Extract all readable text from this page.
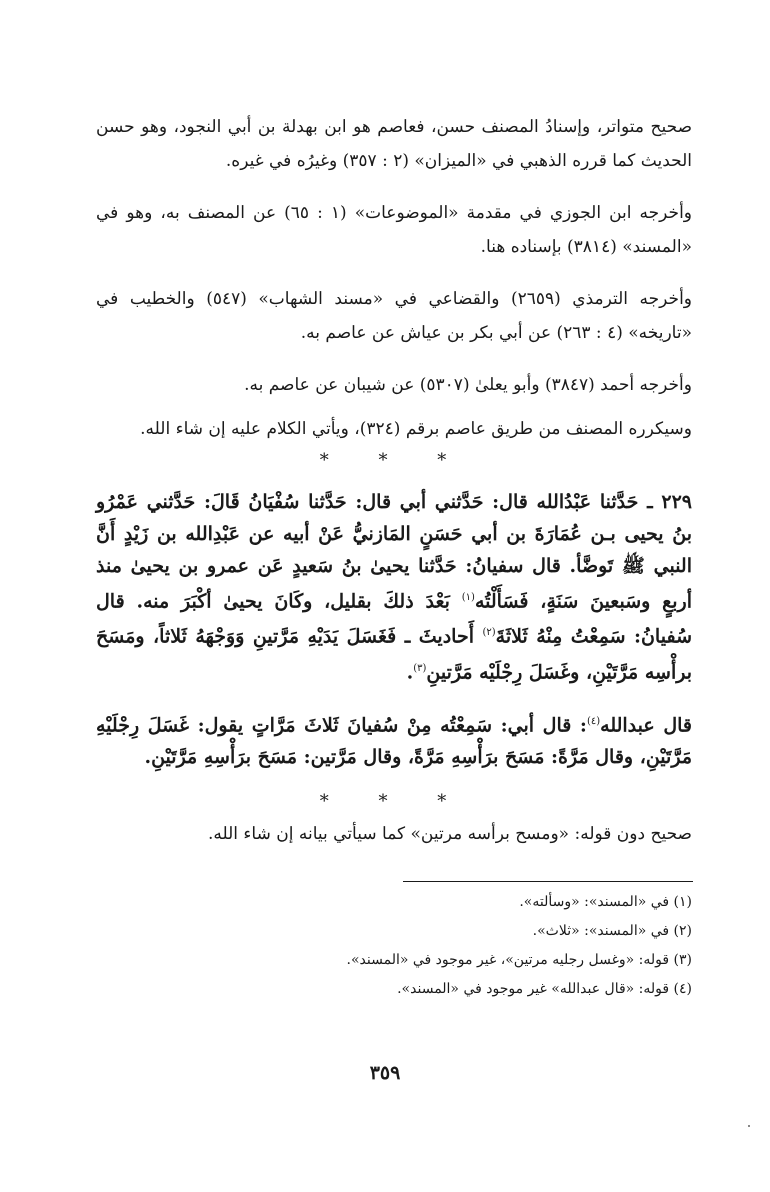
صحيح متواتر، وإسنادُ المصنف حسن، فعاصم هو ابن بهدلة بن أبي النجود، وهو حسن الحديث كما قرره الذهبي في «الميزان» (٢ : ٣٥٧) وغيرُه في غيره.

وأخرجه ابن الجوزي في مقدمة «الموضوعات» (١ : ٦٥) عن المصنف به، وهو في «المسند» (٣٨١٤) بإسناده هنا.

وأخرجه الترمذي (٢٦٥٩) والقضاعي في «مسند الشهاب» (٥٤٧) والخطيب في «تاريخه» (٤ : ٢٦٣) عن أبي بكر بن عياش عن عاصم به.

وأخرجه أحمد (٣٨٤٧) وأبو يعلىٰ (٥٣٠٧) عن شيبان عن عاصم به.

وسيكرره المصنف من طريق عاصم برقم (٣٢٤)، ويأتي الكلام عليه إن شاء الله.

* * *

٢٢٩ ـ حَدَّثنا عَبْدُالله قال: حَدَّثني أبي قال: حَدَّثنا سُفْيَانُ قَالَ: حَدَّثني عَمْرُو بنُ يحيى بـن عُمَارَةَ بن أبي حَسَنٍ المَازنيُّ عَنْ أبيه عن عَبْدِالله بن زَيْدٍ أَنَّ النبي ﷺ تَوضَّأ. قال سفيانُ: حَدَّثنا يحيىٰ بنُ سَعيدٍ عَن عمرو بن يحيىٰ منذ أربعٍ وسَبعينَ سَنَةٍ، فَسَأَلْتُه$^{(١)}$ بَعْدَ ذلكَ بقليل، وكَانَ يحيىٰ أكْبَرَ منه. قال سُفيانُ: سَمِعْتُ مِنْهُ ثَلاثَةَ$^{(٢)}$ أَحاديثَ ـ فَغَسَلَ يَدَيْهِ مَرَّتينِ وَوَجْهَهُ ثَلاثاً، ومَسَحَ برأْسِه مَرَّتَيْنِ، وغَسَلَ رِجْلَيْه مَرَّتينِ$^{(٣)}$.

قال عبدالله$^{(٤)}$: قال أبي: سَمِعْتُه مِنْ سُفيانَ ثَلاثَ مَرَّاتٍ يقول: غَسَلَ رِجْلَيْهِ مَرَّتَيْنِ، وقال مَرَّةً: مَسَحَ برَأْسِهِ مَرَّةً، وقال مَرَّتين: مَسَحَ برَأْسِهِ مَرَّتَيْنِ.

* * *

صحيح دون قوله: «ومسح برأسه مرتين» كما سيأتي بيانه إن شاء الله.

(١) في «المسند»: «وسألته».
(٢) في «المسند»: «ثلاث».
(٣) قوله: «وغسل رجليه مرتين»، غير موجود في «المسند».
(٤) قوله: «قال عبدالله» غير موجود في «المسند».
٣٥٩
